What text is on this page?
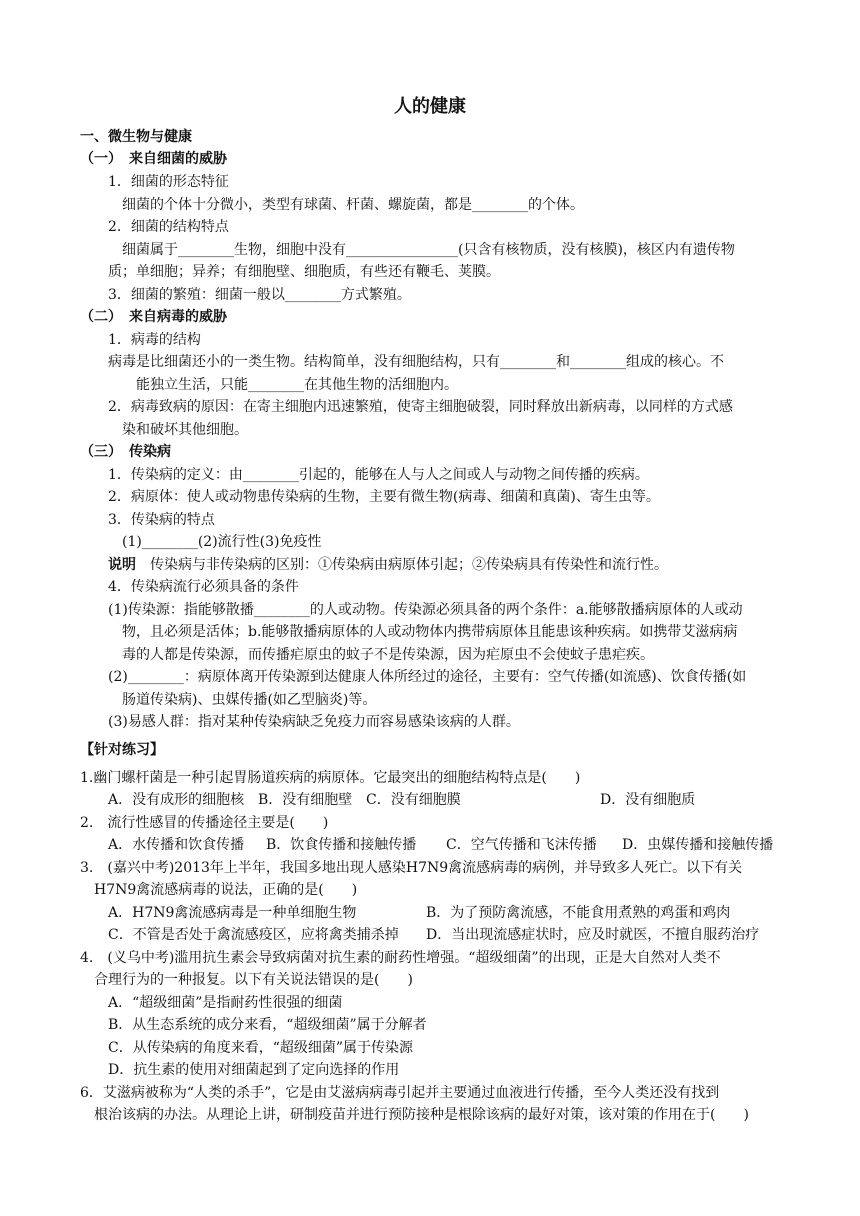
人的健康
一、微生物与健康
（一）　来自细菌的威胁
1．细菌的形态特征
细菌的个体十分微小，类型有球菌、杆菌、螺旋菌，都是________的个体。
2．细菌的结构特点
细菌属于________生物，细胞中没有________________(只含有核物质，没有核膜)，核区内有遗传物
质；单细胞；异养；有细胞壁、细胞质，有些还有鞭毛、荚膜。
3．细菌的繁殖：细菌一般以________方式繁殖。
（二）　来自病毒的威胁
1．病毒的结构
病毒是比细菌还小的一类生物。结构简单，没有细胞结构，只有________和________组成的核心。不
能独立生活，只能________在其他生物的活细胞内。
2．病毒致病的原因：在寄主细胞内迅速繁殖，使寄主细胞破裂，同时释放出新病毒，以同样的方式感
染和破坏其他细胞。
（三）　传染病
1．传染病的定义：由________引起的，能够在人与人之间或人与动物之间传播的疾病。
2．病原体：使人或动物患传染病的生物，主要有微生物(病毒、细菌和真菌)、寄生虫等。
3．传染病的特点
(1)________(2)流行性(3)免疫性
说明　传染病与非传染病的区别：①传染病由病原体引起；②传染病具有传染性和流行性。
4．传染病流行必须具备的条件
(1)传染源：指能够散播________的人或动物。传染源必须具备的两个条件：a.能够散播病原体的人或动
物，且必须是活体；b.能够散播病原体的人或动物体内携带病原体且能患该种疾病。如携带艾滋病病
毒的人都是传染源，而传播疟原虫的蚊子不是传染源，因为疟原虫不会使蚊子患疟疾。
(2)________：病原体离开传染源到达健康人体所经过的途径，主要有：空气传播(如流感)、饮食传播(如
肠道传染病)、虫媒传播(如乙型脑炎)等。
(3)易感人群：指对某种传染病缺乏免疫力而容易感染该病的人群。
【针对练习】
1.幽门螺杆菌是一种引起胃肠道疾病的病原体。它最突出的细胞结构特点是(　　)
2.　流行性感冒的传播途径主要是(　　)
3.　(嘉兴中考)2013年上半年，我国多地出现人感染H7N9禽流感病毒的病例，并导致多人死亡。以下有关
H7N9禽流感病毒的说法，正确的是(　　)
4.　(义乌中考)滥用抗生素会导致病菌对抗生素的耐药性增强。“超级细菌”的出现，正是大自然对人类不
合理行为的一种报复。以下有关说法错误的是(　　)
A．“超级细菌”是指耐药性很强的细菌
B．从生态系统的成分来看，“超级细菌”属于分解者
C．从传染病的角度来看，“超级细菌”属于传染源
D．抗生素的使用对细菌起到了定向选择的作用
6．艾滋病被称为“人类的杀手”，它是由艾滋病病毒引起并主要通过血液进行传播，至今人类还没有找到
根治该病的办法。从理论上讲，研制疫苗并进行预防接种是根除该病的最好对策，该对策的作用在于(　　)
A．没有成形的细胞核 B．没有细胞壁 C．没有细胞膜	D．没有细胞质
A．水传播和饮食传播 B．饮食传播和接触传播 C．空气传播和飞沫传播 D．虫媒传播和接触传播
A．H7N9禽流感病毒是一种单细胞生物	B．为了预防禽流感，不能食用煮熟的鸡蛋和鸡肉
C．不管是否处于禽流感疫区，应将禽类捕杀掉 D．当出现流感症状时，应及时就医，不擅自服药治疗
